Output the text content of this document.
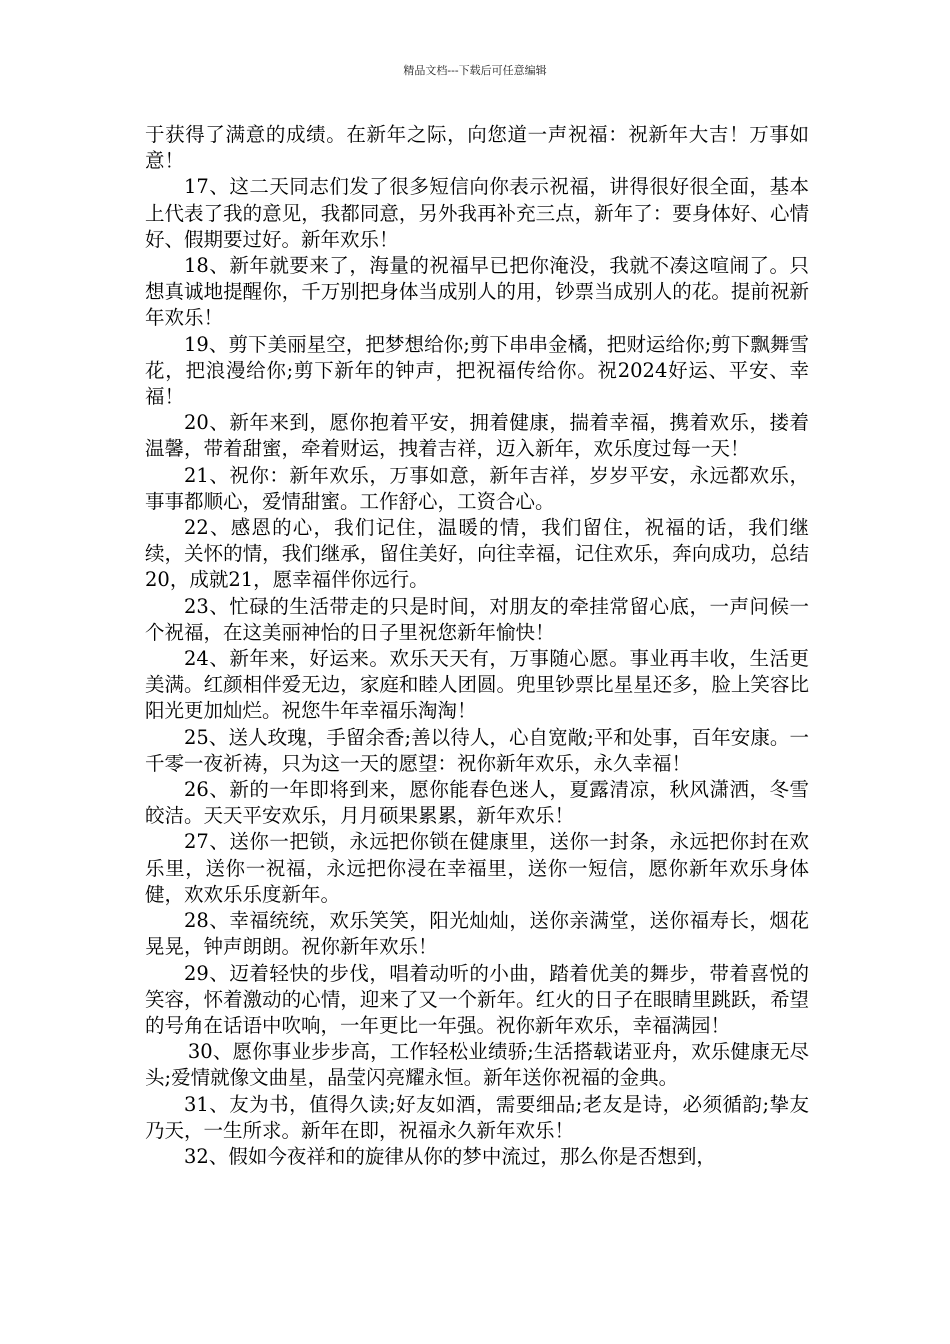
精品文档---下载后可任意编辑

于获得了满意的成绩。在新年之际，向您道一声祝福：祝新年大吉！万事如意！

17、这二天同志们发了很多短信向你表示祝福，讲得很好很全面，基本上代表了我的意见，我都同意，另外我再补充三点，新年了：要身体好、心情好、假期要过好。新年欢乐！

18、新年就要来了，海量的祝福早已把你淹没，我就不凑这喧闹了。只想真诚地提醒你，千万别把身体当成别人的用，钞票当成别人的花。提前祝新年欢乐！

19、剪下美丽星空，把梦想给你;剪下串串金橘，把财运给你;剪下飘舞雪花，把浪漫给你;剪下新年的钟声，把祝福传给你。祝2024好运、平安、幸福！

20、新年来到，愿你抱着平安，拥着健康，揣着幸福，携着欢乐，搂着温馨，带着甜蜜，牵着财运，拽着吉祥，迈入新年，欢乐度过每一天！

21、祝你：新年欢乐，万事如意，新年吉祥，岁岁平安，永远都欢乐，事事都顺心，爱情甜蜜。工作舒心，工资合心。

22、感恩的心，我们记住，温暖的情，我们留住，祝福的话，我们继续，关怀的情，我们继承，留住美好，向往幸福，记住欢乐，奔向成功，总结20，成就21，愿幸福伴你远行。

23、忙碌的生活带走的只是时间，对朋友的牵挂常留心底，一声问候一个祝福，在这美丽神怡的日子里祝您新年愉快！

24、新年来，好运来。欢乐天天有，万事随心愿。事业再丰收，生活更美满。红颜相伴爱无边，家庭和睦人团圆。兜里钞票比星星还多，脸上笑容比阳光更加灿烂。祝您牛年幸福乐淘淘！

25、送人玫瑰，手留余香;善以待人，心自宽敞;平和处事，百年安康。一千零一夜祈祷，只为这一天的愿望：祝你新年欢乐，永久幸福！

26、新的一年即将到来，愿你能春色迷人，夏露清凉，秋风潇洒，冬雪皎洁。天天平安欢乐，月月硕果累累，新年欢乐！

27、送你一把锁，永远把你锁在健康里，送你一封条，永远把你封在欢乐里，送你一祝福，永远把你浸在幸福里，送你一短信，愿你新年欢乐身体健，欢欢乐乐度新年。

28、幸福统统，欢乐笑笑，阳光灿灿，送你亲满堂，送你福寿长，烟花晃晃，钟声朗朗。祝你新年欢乐！

29、迈着轻快的步伐，唱着动听的小曲，踏着优美的舞步，带着喜悦的笑容，怀着激动的心情，迎来了又一个新年。红火的日子在眼睛里跳跃，希望的号角在话语中吹响，一年更比一年强。祝你新年欢乐，幸福满园！

30、愿你事业步步高，工作轻松业绩骄;生活搭载诺亚舟，欢乐健康无尽头;爱情就像文曲星，晶莹闪亮耀永恒。新年送你祝福的金典。

31、友为书，值得久读;好友如酒，需要细品;老友是诗，必须循韵;挚友乃天，一生所求。新年在即，祝福永久新年欢乐！

32、假如今夜祥和的旋律从你的梦中流过，那么你是否想到，
